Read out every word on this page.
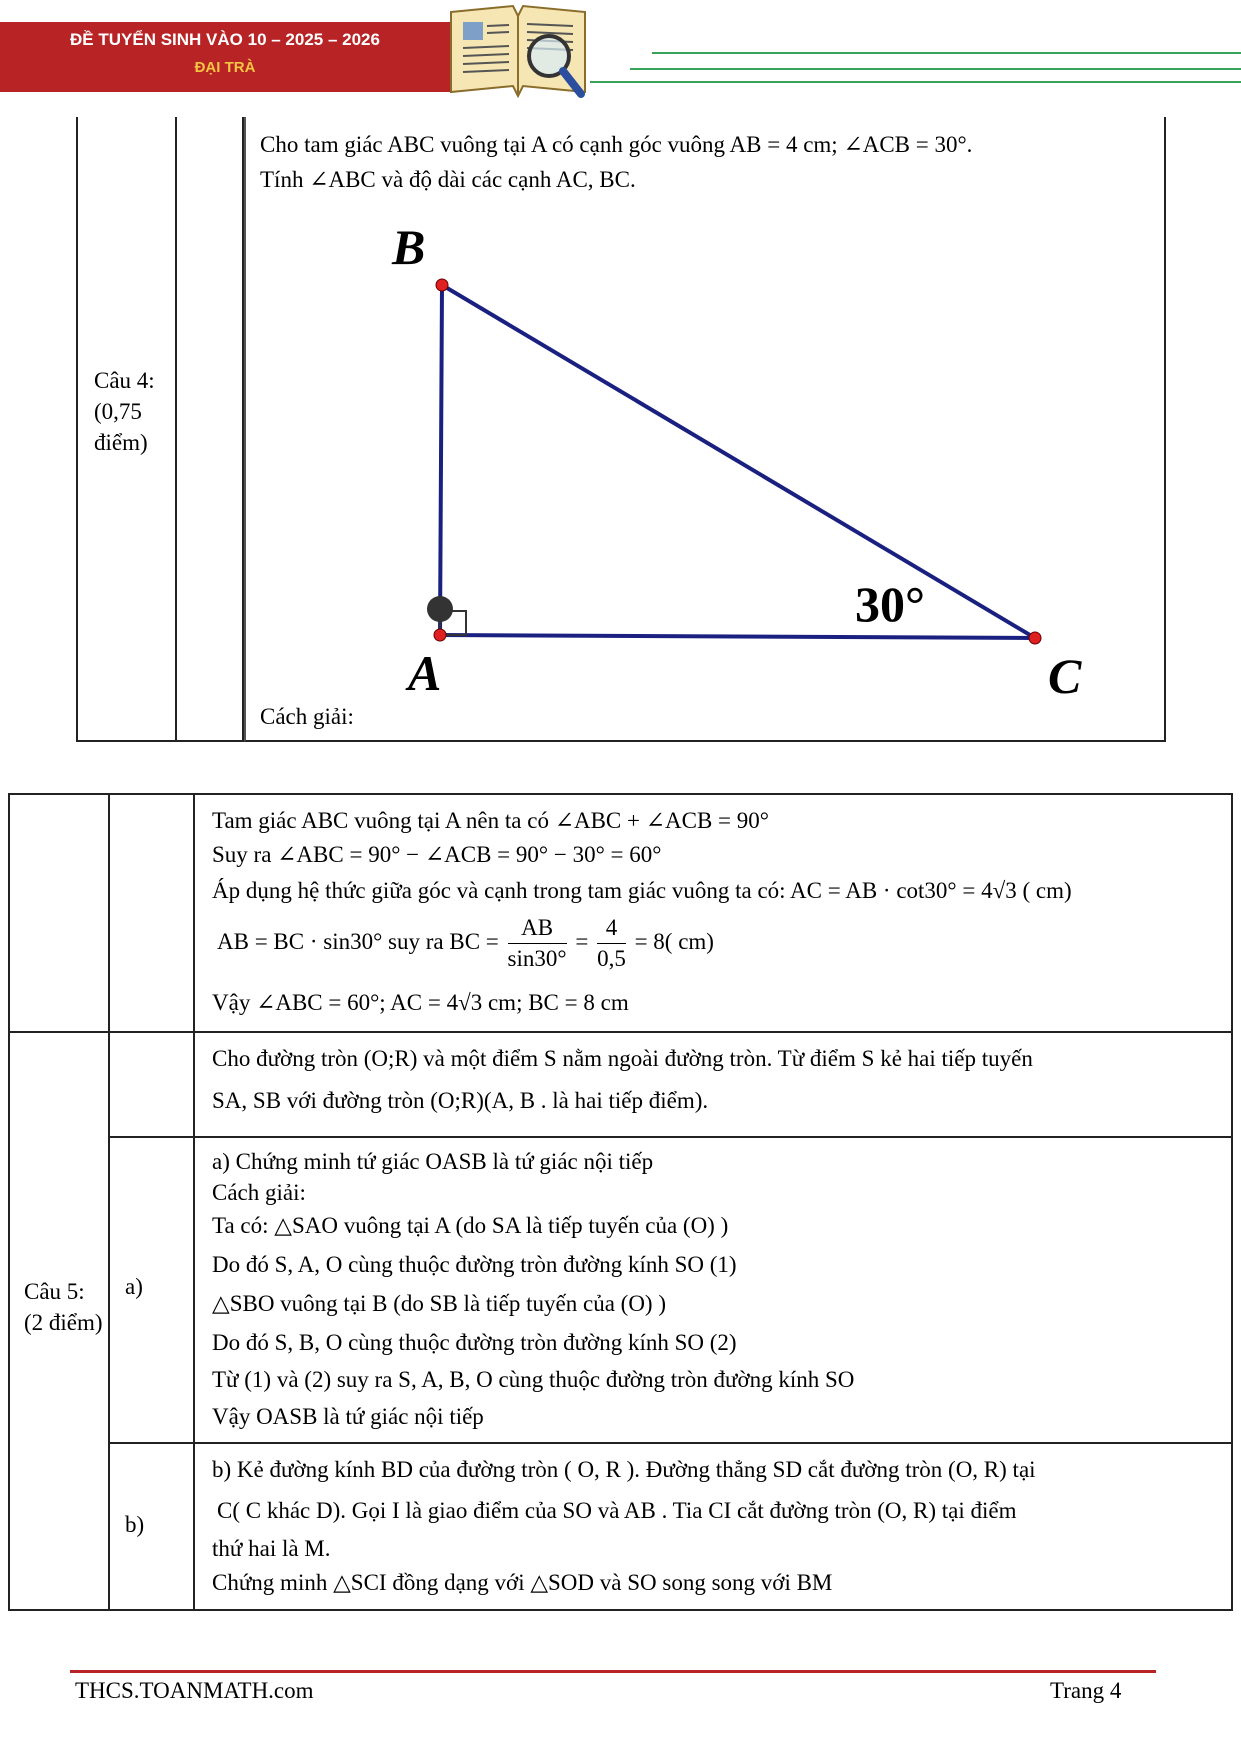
ĐỀ TUYỂN SINH VÀO 10 – 2025 – 2026
ĐẠI TRÀ
Câu 4: (0,75 điểm)
Cho tam giác ABC vuông tại A có cạnh góc vuông AB = 4 cm; ∠ACB = 30°.
Tính ∠ABC và độ dài các cạnh AC, BC.
Cách giải:
B
A	C
30°
Tam giác ABC vuông tại A nên ta có ∠ABC + ∠ACB = 90°
Suy ra ∠ABC = 90° − ∠ACB = 90° − 30° = 60°
Áp dụng hệ thức giữa góc và cạnh trong tam giác vuông ta có: AC = AB · cot30° = 4√3 ( cm)
AB = BC · sin30° suy ra BC = $\frac{AB}{\sin 30^\circ} = \frac{4}{0,5} = 8$( cm)
Vậy ∠ABC = 60°; AC = 4√3 cm; BC = 8 cm
Câu 5: (2 điểm)
Cho đường tròn (O;R) và một điểm S nằm ngoài đường tròn. Từ điểm S kẻ hai tiếp tuyến
SA, SB với đường tròn (O;R)(A, B . là hai tiếp điểm).
a)
a) Chứng minh tứ giác OASB là tứ giác nội tiếp
Cách giải:
Ta có: △SAO vuông tại A (do SA là tiếp tuyến của (O) )
Do đó S, A, O cùng thuộc đường tròn đường kính SO (1)
△SBO vuông tại B (do SB là tiếp tuyến của (O) )
Do đó S, B, O cùng thuộc đường tròn đường kính SO (2)
Từ (1) và (2) suy ra S, A, B, O cùng thuộc đường tròn đường kính SO
Vậy OASB là tứ giác nội tiếp
b)
b) Kẻ đường kính BD của đường tròn ( O, R ). Đường thẳng SD cắt đường tròn (O, R) tại
C( C khác D). Gọi I là giao điểm của SO và AB . Tia CI cắt đường tròn (O, R) tại điểm
thứ hai là M.
Chứng minh △SCI đồng dạng với △SOD và SO song song với BM
THCS.TOANMATH.com	Trang 4
